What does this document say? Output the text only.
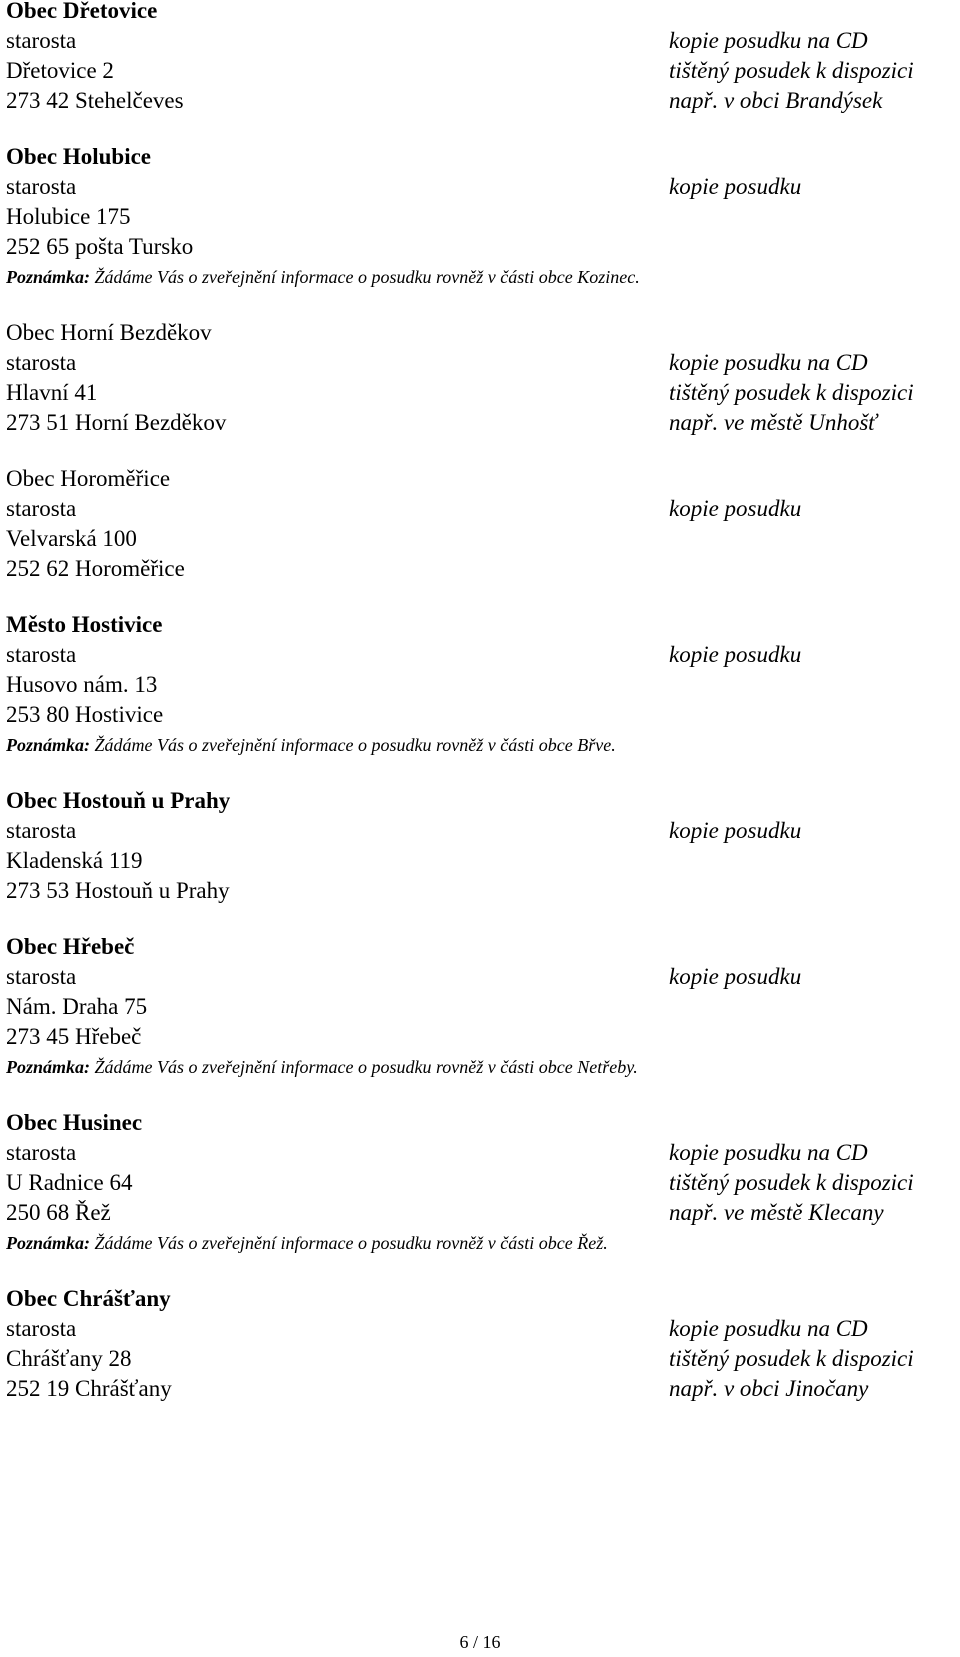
Obec Dřetovice
starosta	kopie posudku na CD
Dřetovice 2	tištěný posudek k dispozici
273 42 Stehelčeves	např. v obci Brandýsek
Obec Holubice
starosta	kopie posudku
Holubice 175
252 65 pošta Tursko
Poznámka: Žádáme Vás o zveřejnění informace o posudku rovněž v části obce Kozinec.
Obec Horní Bezděkov
starosta	kopie posudku na CD
Hlavní 41	tištěný posudek k dispozici
273 51 Horní Bezděkov	např. ve městě Unhošť
Obec Horoměřice
starosta	kopie posudku
Velvarská 100
252 62 Horoměřice
Město Hostivice
starosta	kopie posudku
Husovo nám. 13
253 80 Hostivice
Poznámka: Žádáme Vás o zveřejnění informace o posudku rovněž v části obce Břve.
Obec Hostouň u Prahy
starosta	kopie posudku
Kladenská 119
273 53 Hostouň u Prahy
Obec Hřebeč
starosta	kopie posudku
Nám. Draha 75
273 45 Hřebeč
Poznámka: Žádáme Vás o zveřejnění informace o posudku rovněž v části obce Netřeby.
Obec Husinec
starosta	kopie posudku na CD
U Radnice 64	tištěný posudek k dispozici
250 68 Řež	např. ve městě Klecany
Poznámka: Žádáme Vás o zveřejnění informace o posudku rovněž v části obce Řež.
Obec Chrášťany
starosta	kopie posudku na CD
Chrášťany 28	tištěný posudek k dispozici
252 19 Chrášťany	např. v obci Jinočany
6 / 16
